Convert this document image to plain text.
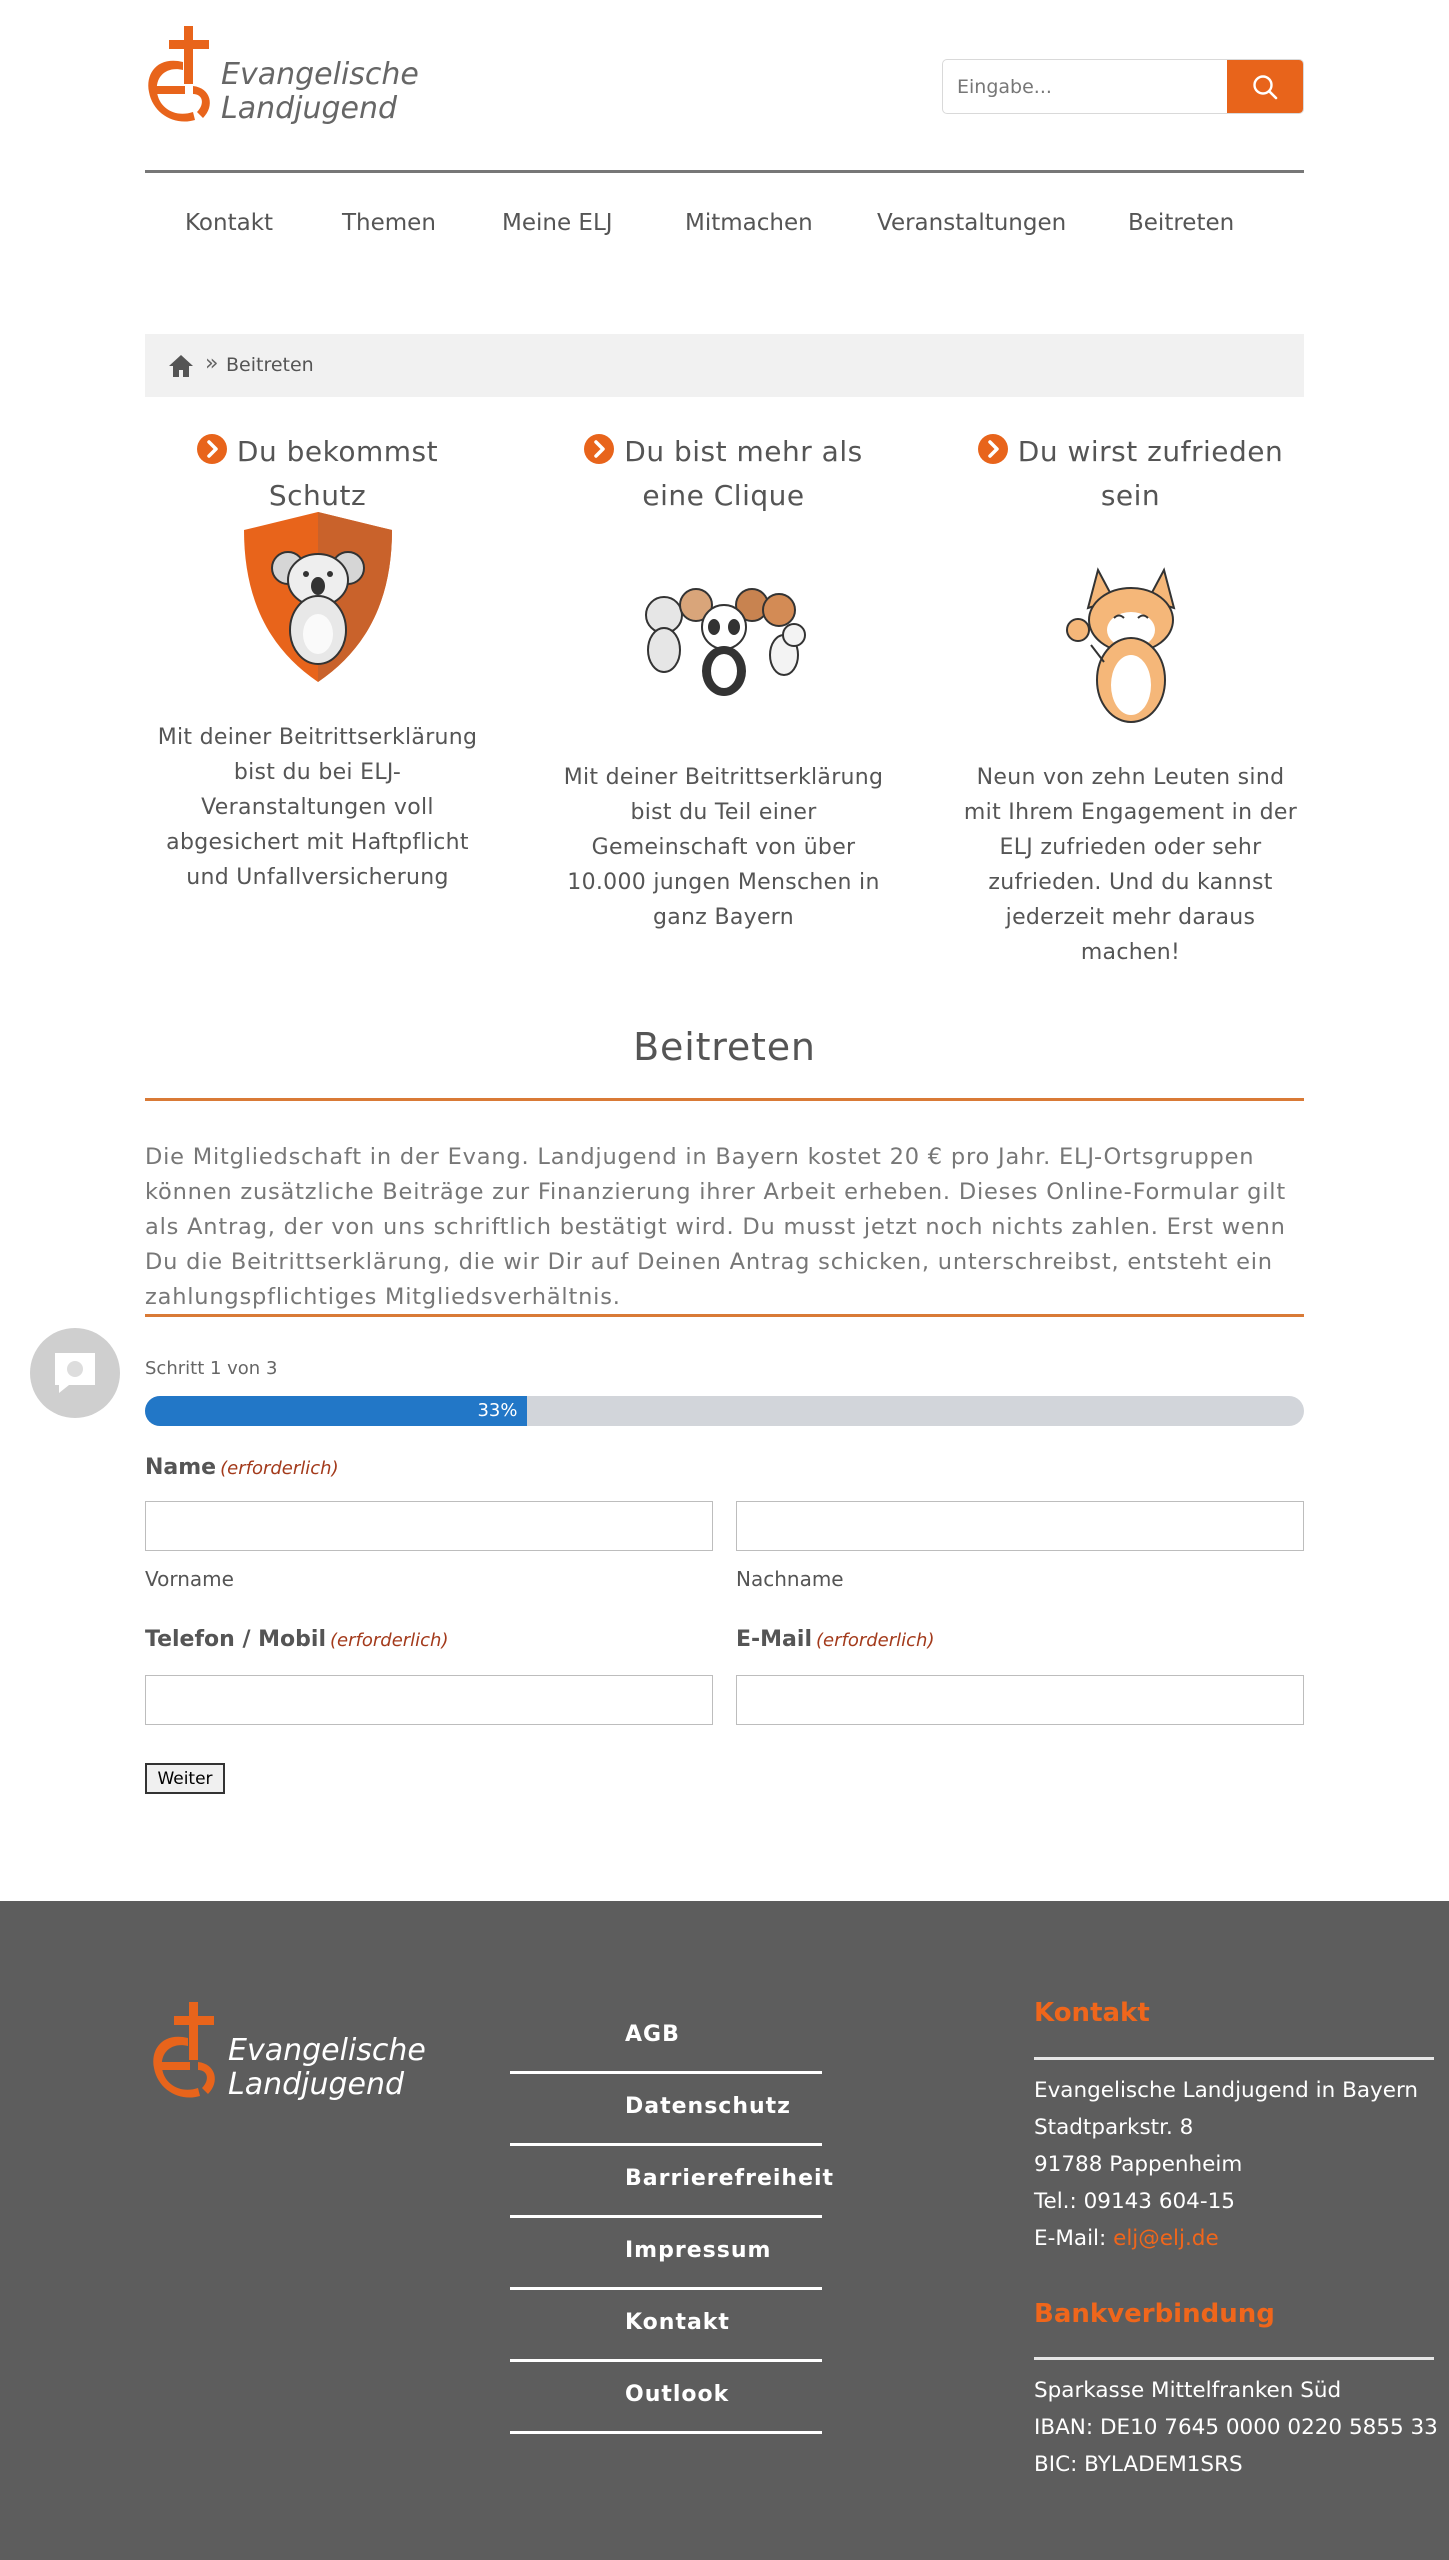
Evangelische
Landjugend
Eingabe...
Kontakt	Themen	Meine ELJ	Mitmachen	Veranstaltungen	Beitreten
» Beitreten
Du bekommst Schutz

Mit deiner Beitrittserklärung bist du bei ELJ-Veranstaltungen voll abgesichert mit Haftpflicht und Unfallversicherung

Du bist mehr als
eine Clique

Mit deiner Beitrittserklärung bist du Teil einer Gemeinschaft von über 10.000 jungen Menschen in ganz Bayern

Du wirst zufrieden
sein

Neun von zehn Leuten sind mit Ihrem Engagement in der ELJ zufrieden oder sehr zufrieden. Und du kannst jederzeit mehr daraus machen!

Beitreten

Die Mitgliedschaft in der Evang. Landjugend in Bayern kostet 20 € pro Jahr. ELJ-Ortsgruppen können zusätzliche Beiträge zur Finanzierung ihrer Arbeit erheben. Dieses Online-Formular gilt als Antrag, der von uns schriftlich bestätigt wird. Du musst jetzt noch nichts zahlen. Erst wenn Du die Beitrittserklärung, die wir Dir auf Deinen Antrag schicken, unterschreibst, entsteht ein zahlungspflichtiges Mitgliedsverhältnis.

Schritt 1 von 3
33%
Name (erforderlich)
Vorname	Nachname
Telefon / Mobil (erforderlich)	E-Mail (erforderlich)
Weiter
Evangelische
Landjugend
AGB
Datenschutz
Barrierefreiheit
Impressum
Kontakt
Outlook
Kontakt
Evangelische Landjugend in Bayern
Stadtparkstr. 8
91788 Pappenheim
Tel.: 09143 604-15
E-Mail: elj@elj.de
Bankverbindung
Sparkasse Mittelfranken Süd
IBAN: DE10 7645 0000 0220 5855 33
BIC: BYLADEM1SRS
